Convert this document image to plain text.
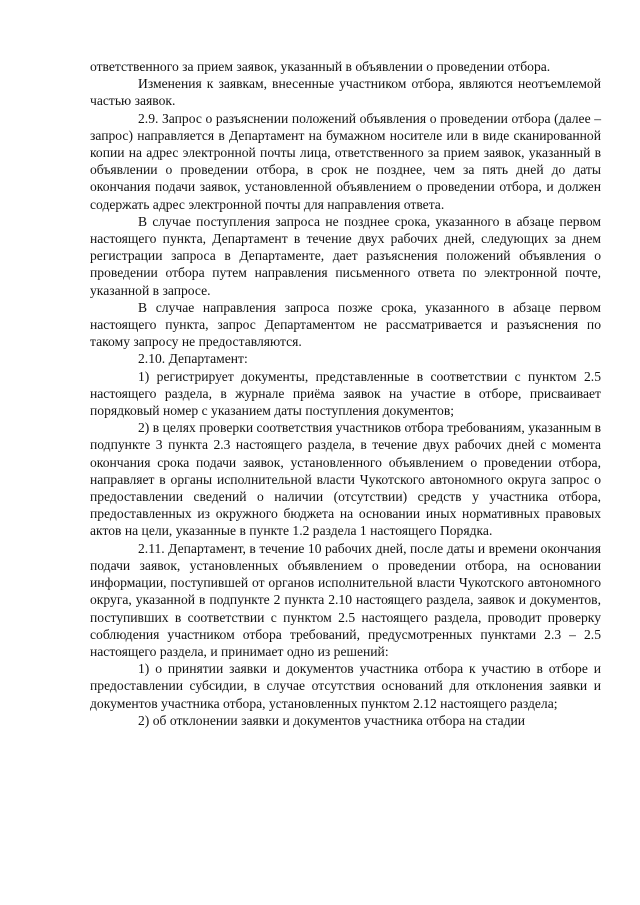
ответственного за прием заявок, указанный в объявлении о проведении отбора.

Изменения к заявкам, внесенные участником отбора, являются неотъемлемой частью заявок.

2.9. Запрос о разъяснении положений объявления о проведении отбора (далее – запрос) направляется в Департамент на бумажном носителе или в виде сканированной копии на адрес электронной почты лица, ответственного за прием заявок, указанный в объявлении о проведении отбора, в срок не позднее, чем за пять дней до даты окончания подачи заявок, установленной объявлением о проведении отбора, и должен содержать адрес электронной почты для направления ответа.

В случае поступления запроса не позднее срока, указанного в абзаце первом настоящего пункта, Департамент в течение двух рабочих дней, следующих за днем регистрации запроса в Департаменте, дает разъяснения положений объявления о проведении отбора путем направления письменного ответа по электронной почте, указанной в запросе.

В случае направления запроса позже срока, указанного в абзаце первом настоящего пункта, запрос Департаментом не рассматривается и разъяснения по такому запросу не предоставляются.

2.10. Департамент:

1) регистрирует документы, представленные в соответствии с пунктом 2.5 настоящего раздела, в журнале приёма заявок на участие в отборе, присваивает порядковый номер с указанием даты поступления документов;

2) в целях проверки соответствия участников отбора требованиям, указанным в подпункте 3 пункта 2.3 настоящего раздела, в течение двух рабочих дней с момента окончания срока подачи заявок, установленного объявлением о проведении отбора, направляет в органы исполнительной власти Чукотского автономного округа запрос о предоставлении сведений о наличии (отсутствии) средств у участника отбора, предоставленных из окружного бюджета на основании иных нормативных правовых актов на цели, указанные в пункте 1.2 раздела 1 настоящего Порядка.

2.11. Департамент, в течение 10 рабочих дней, после даты и времени окончания подачи заявок, установленных объявлением о проведении отбора, на основании информации, поступившей от органов исполнительной власти Чукотского автономного округа, указанной в подпункте 2 пункта 2.10 настоящего раздела, заявок и документов, поступивших в соответствии с пунктом 2.5 настоящего раздела, проводит проверку соблюдения участником отбора требований, предусмотренных пунктами 2.3 – 2.5 настоящего раздела, и принимает одно из решений:

1) о принятии заявки и документов участника отбора к участию в отборе и предоставлении субсидии, в случае отсутствия оснований для отклонения заявки и документов участника отбора, установленных пунктом 2.12 настоящего раздела;

2) об отклонении заявки и документов участника отбора на стадии
